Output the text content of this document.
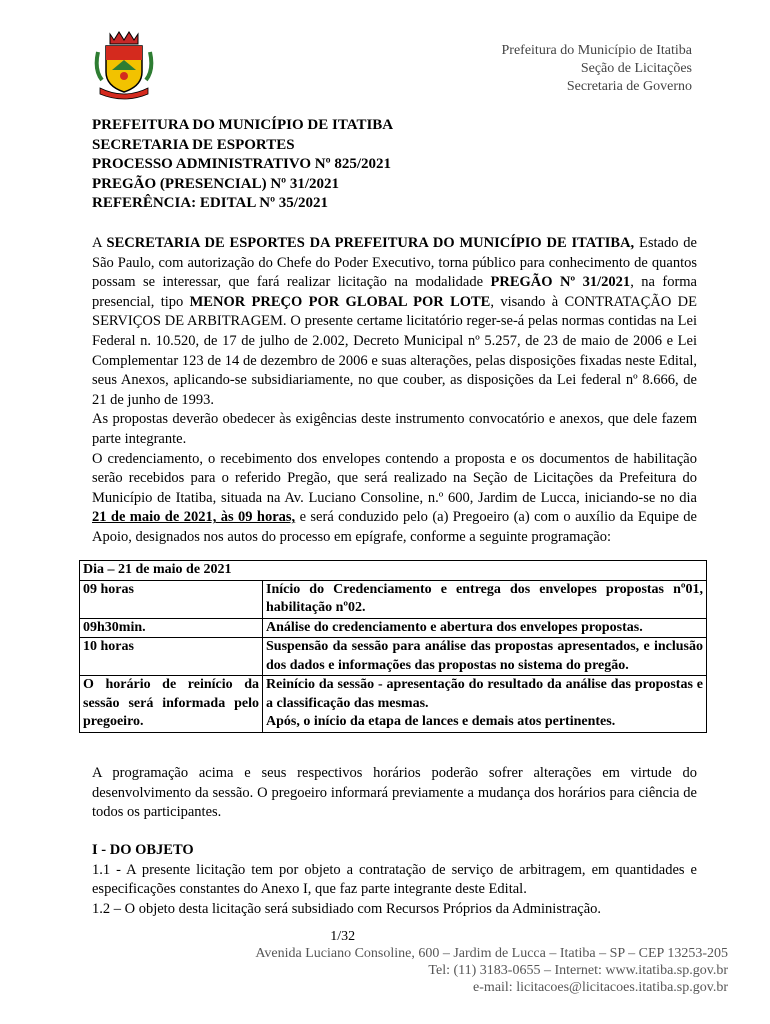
Prefeitura do Município de Itatiba
Seção de Licitações
Secretaria de Governo
PREFEITURA DO MUNICÍPIO DE ITATIBA
SECRETARIA DE ESPORTES
PROCESSO ADMINISTRATIVO Nº 825/2021
PREGÃO (PRESENCIAL) Nº 31/2021
REFERÊNCIA: EDITAL Nº 35/2021

A SECRETARIA DE ESPORTES DA PREFEITURA DO MUNICÍPIO DE ITATIBA, Estado de São Paulo, com autorização do Chefe do Poder Executivo, torna público para conhecimento de quantos possam se interessar, que fará realizar licitação na modalidade PREGÃO Nº 31/2021, na forma presencial, tipo MENOR PREÇO POR GLOBAL POR LOTE, visando à CONTRATAÇÃO DE SERVIÇOS DE ARBITRAGEM. O presente certame licitatório reger-se-á pelas normas contidas na Lei Federal n. 10.520, de 17 de julho de 2.002, Decreto Municipal nº 5.257, de 23 de maio de 2006 e Lei Complementar 123 de 14 de dezembro de 2006 e suas alterações, pelas disposições fixadas neste Edital, seus Anexos, aplicando-se subsidiariamente, no que couber, as disposições da Lei federal nº 8.666, de 21 de junho de 1993.

As propostas deverão obedecer às exigências deste instrumento convocatório e anexos, que dele fazem parte integrante.

O credenciamento, o recebimento dos envelopes contendo a proposta e os documentos de habilitação serão recebidos para o referido Pregão, que será realizado na Seção de Licitações da Prefeitura do Município de Itatiba, situada na Av. Luciano Consoline, n.º 600, Jardim de Lucca, iniciando-se no dia 21 de maio de 2021, às 09 horas, e será conduzido pelo (a) Pregoeiro (a) com o auxílio da Equipe de Apoio, designados nos autos do processo em epígrafe, conforme a seguinte programação:

Dia – 21 de maio de 2021	
09 horas	Início do Credenciamento e entrega dos envelopes propostas nº01, habilitação nº02.
09h30min.	Análise do credenciamento e abertura dos envelopes propostas.
10 horas	Suspensão da sessão para análise das propostas apresentados, e inclusão dos dados e informações das propostas no sistema do pregão.
O horário de reinício da sessão será informada pelo pregoeiro.	Reinício da sessão - apresentação do resultado da análise das propostas e a classificação das mesmas.
Após, o início da etapa de lances e demais atos pertinentes.

A programação acima e seus respectivos horários poderão sofrer alterações em virtude do desenvolvimento da sessão. O pregoeiro informará previamente a mudança dos horários para ciência de todos os participantes.

I - DO OBJETO

1.1 - A presente licitação tem por objeto a contratação de serviço de arbitragem, em quantidades e especificações constantes do Anexo I, que faz parte integrante deste Edital.

1.2 – O objeto desta licitação será subsidiado com Recursos Próprios da Administração.

1/32
Avenida Luciano Consoline, 600 – Jardim de Lucca – Itatiba – SP – CEP 13253-205
Tel: (11) 3183-0655 – Internet: www.itatiba.sp.gov.br
e-mail: licitacoes@licitacoes.itatiba.sp.gov.br
